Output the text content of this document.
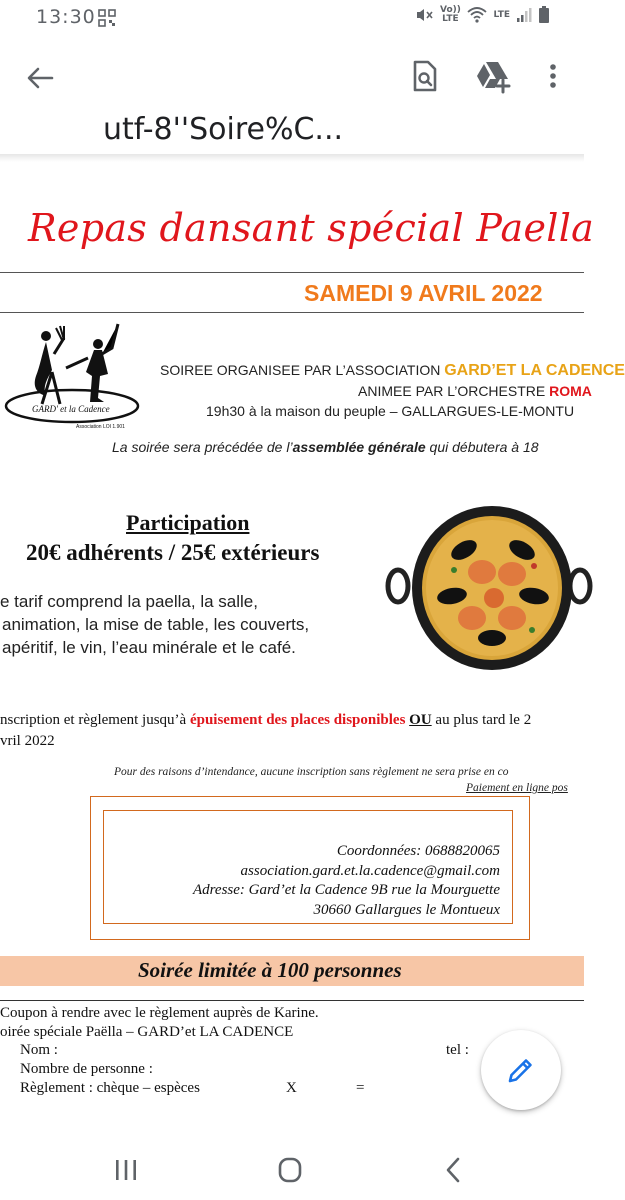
13:30	Vo)) LTE	LTE
utf-8''Soire%C...
Repas dansant spécial Paella
SAMEDI 9 AVRIL 2022
GARD' et la Cadence
Association LOI 1.901
SOIREE ORGANISEE PAR L’ASSOCIATION GARD’ET LA CADENCE
ANIMEE PAR L’ORCHESTRE ROMA
19h30 à la maison du peuple – GALLARGUES-LE-MONTU
La soirée sera précédée de l’assemblée générale qui débutera à 18
Participation
20€ adhérents / 25€ extérieurs
e tarif comprend la paella, la salle,
animation, la mise de table, les couverts,
apéritif, le vin, l’eau minérale et le café.
nscription et règlement jusqu’à épuisement des places disponibles OU au plus tard le 2
vril 2022
Pour des raisons d’intendance, aucune inscription sans règlement ne sera prise en co
Paiement en ligne pos
Coordonnées: 0688820065
association.gard.et.la.cadence@gmail.com
Adresse: Gard’et la Cadence 9B rue la Mourguette
30660 Gallargues le Montueux
Soirée limitée à 100 personnes
Coupon à rendre avec le règlement auprès de Karine.
oirée spéciale Paëlla – GARD’et LA CADENCE
Nom :	tel :
Nombre de personne :
Règlement : chèque – espèces	X	=
